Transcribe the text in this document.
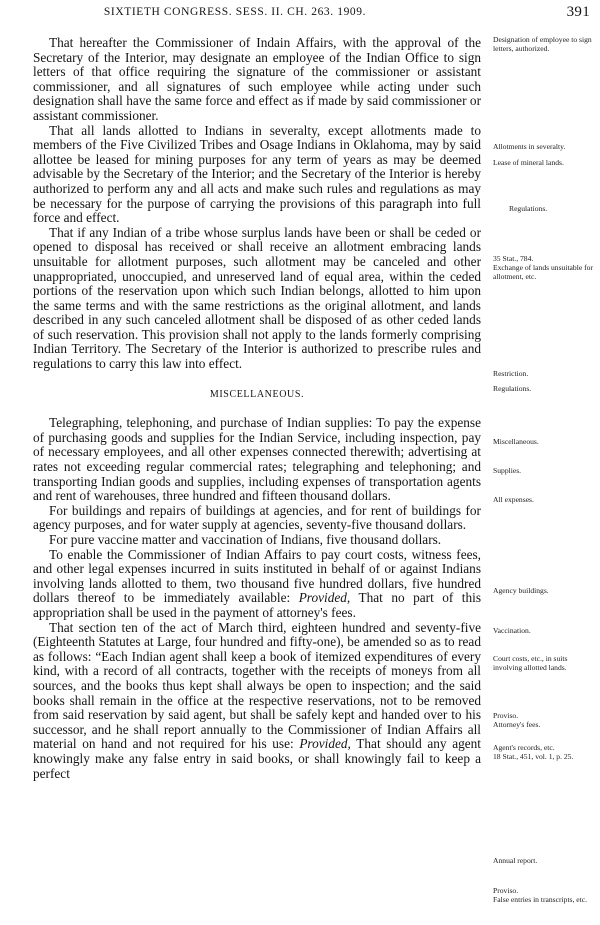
SIXTIETH CONGRESS. SESS. II. CH. 263. 1909.	391

That hereafter the Commissioner of Indain Affairs, with the approval of the Secretary of the Interior, may designate an employee of the Indian Office to sign letters of that office requiring the signature of the commissioner or assistant commissioner, and all signatures of such employee while acting under such designation shall have the same force and effect as if made by said commissioner or assistant commissioner.

That all lands allotted to Indians in severalty, except allotments made to members of the Five Civilized Tribes and Osage Indians in Oklahoma, may by said allottee be leased for mining purposes for any term of years as may be deemed advisable by the Secretary of the Interior; and the Secretary of the Interior is hereby authorized to perform any and all acts and make such rules and regulations as may be necessary for the purpose of carrying the provisions of this paragraph into full force and effect.

That if any Indian of a tribe whose surplus lands have been or shall be ceded or opened to disposal has received or shall receive an allotment embracing lands unsuitable for allotment purposes, such allotment may be canceled and other unappropriated, unoccupied, and unreserved land of equal area, within the ceded portions of the reservation upon which such Indian belongs, allotted to him upon the same terms and with the same restrictions as the original allotment, and lands described in any such canceled allotment shall be disposed of as other ceded lands of such reservation. This provision shall not apply to the lands formerly comprising Indian Territory. The Secretary of the Interior is authorized to prescribe rules and regulations to carry this law into effect.

MISCELLANEOUS.

Telegraphing, telephoning, and purchase of Indian supplies: To pay the expense of purchasing goods and supplies for the Indian Service, including inspection, pay of necessary employees, and all other expenses connected therewith; advertising at rates not exceeding regular commercial rates; telegraphing and telephoning; and transporting Indian goods and supplies, including expenses of transportation agents and rent of warehouses, three hundred and fifteen thousand dollars.

For buildings and repairs of buildings at agencies, and for rent of buildings for agency purposes, and for water supply at agencies, seventy-five thousand dollars.

For pure vaccine matter and vaccination of Indians, five thousand dollars.

To enable the Commissioner of Indian Affairs to pay court costs, witness fees, and other legal expenses incurred in suits instituted in behalf of or against Indians involving lands allotted to them, two thousand five hundred dollars, five hundred dollars thereof to be immediately available: Provided, That no part of this appropriation shall be used in the payment of attorney's fees.

That section ten of the act of March third, eighteen hundred and seventy-five (Eighteenth Statutes at Large, four hundred and fifty-one), be amended so as to read as follows: “Each Indian agent shall keep a book of itemized expenditures of every kind, with a record of all contracts, together with the receipts of moneys from all sources, and the books thus kept shall always be open to inspection; and the said books shall remain in the office at the respective reservations, not to be removed from said reservation by said agent, but shall be safely kept and handed over to his successor, and he shall report annually to the Commissioner of Indian Affairs all material on hand and not required for his use: Provided, That should any agent knowingly make any false entry in said books, or shall knowingly fail to keep a perfect

Designation of employee to sign letters, authorized.
Allotments in severalty.
Lease of mineral lands.
Regulations.
35 Stat., 784.
Exchange of lands unsuitable for allotment, etc.
Restriction.
Regulations.
Miscellaneous.
Supplies.
All expenses.
Agency buildings.
Vaccination.
Court costs, etc., in suits involving allotted lands.
Proviso.
Attorney's fees.
Agent's records, etc.
18 Stat., 451, vol. 1, p. 25.
Annual report.
Proviso.
False entries in transcripts, etc.
